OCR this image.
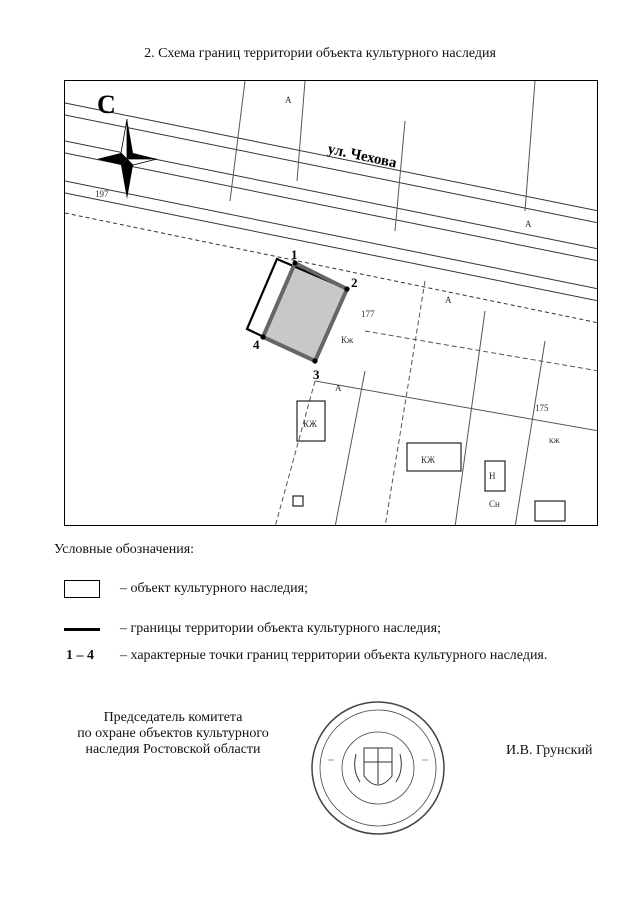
2. Схема границ территории объекта культурного наследия
С
ул. Чехова
1
2
3
4
177
175
197
КЖ
КЖ
Кж
кж
Сн
Н
А
А
А
А
Условные обозначения:
– объект культурного наследия;
– границы территории объекта культурного наследия;
1 – 4 – характерные точки границ территории объекта культурного наследия.
Председатель комитета
по охране объектов культурного
наследия Ростовской области	И.В. Грунский
